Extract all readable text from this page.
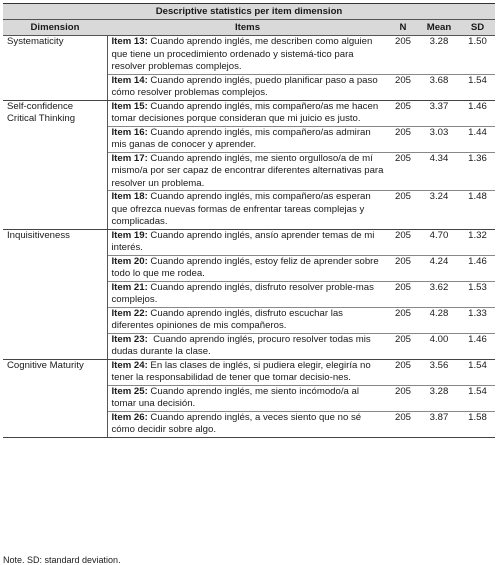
Descriptive statistics per item dimension				
Dimension	Items	N	Mean	SD
Systematicity	Item 13: Cuando aprendo inglés, me describen como alguien que tiene un procedimiento ordenado y sistemá-tico para resolver problemas complejos.	205	3.28	1.50
	Item 14: Cuando aprendo inglés, puedo planificar paso a paso cómo resolver problemas complejos.	205	3.68	1.54
Self-confidence Critical Thinking	Item 15: Cuando aprendo inglés, mis compañero/as me hacen tomar decisiones porque consideran que mi juicio es justo.	205	3.37	1.46
	Item 16: Cuando aprendo inglés, mis compañero/as admiran mis ganas de conocer y aprender.	205	3.03	1.44
	Item 17: Cuando aprendo inglés, me siento orgulloso/a de mí mismo/a por ser capaz de encontrar diferentes alternativas para resolver un problema.	205	4.34	1.36
	Item 18: Cuando aprendo inglés, mis compañero/as esperan que ofrezca nuevas formas de enfrentar tareas complejas y complicadas.	205	3.24	1.48
Inquisitiveness	Item 19: Cuando aprendo inglés, ansío aprender temas de mi interés.	205	4.70	1.32
	Item 20: Cuando aprendo inglés, estoy feliz de aprender sobre todo lo que me rodea.	205	4.24	1.46
	Item 21: Cuando aprendo inglés, disfruto resolver proble-mas complejos.	205	3.62	1.53
	Item 22: Cuando aprendo inglés, disfruto escuchar las diferentes opiniones de mis compañeros.	205	4.28	1.33
	Item 23:  Cuando aprendo inglés, procuro resolver todas mis dudas durante la clase.	205	4.00	1.46
Cognitive Maturity	Item 24: En las clases de inglés, si pudiera elegir, elegiría no tener la responsabilidad de tener que tomar decisio-nes.	205	3.56	1.54
	Item 25: Cuando aprendo inglés, me siento incómodo/a al tomar una decisión.	205	3.28	1.54
	Item 26: Cuando aprendo inglés, a veces siento que no sé cómo decidir sobre algo.	205	3.87	1.58
Note. SD: standard deviation.
